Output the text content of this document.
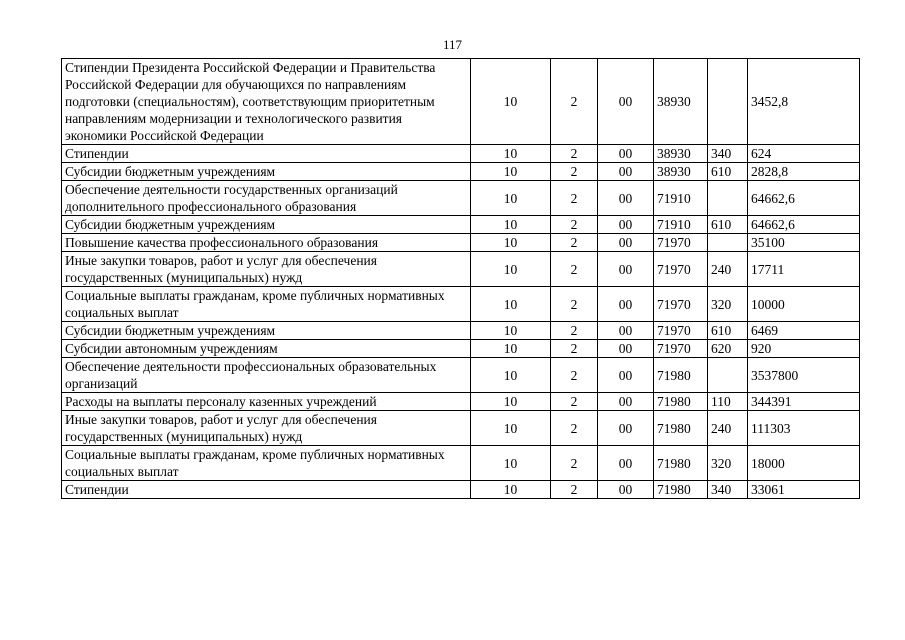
117
Стипендии Президента Российской Федерации и Правительства Российской Федерации для обучающихся по направлениям подготовки (специальностям), соответствующим приоритетным направлениям модернизации и технологического развития экономики Российской Федерации	10	2	00	38930		3452,8
Стипендии	10	2	00	38930	340	624
Субсидии бюджетным учреждениям	10	2	00	38930	610	2828,8
Обеспечение деятельности государственных организаций дополнительного профессионального образования	10	2	00	71910		64662,6
Субсидии бюджетным учреждениям	10	2	00	71910	610	64662,6
Повышение качества профессионального образования	10	2	00	71970		35100
Иные закупки товаров, работ и услуг для обеспечения государственных (муниципальных) нужд	10	2	00	71970	240	17711
Социальные выплаты гражданам, кроме публичных нормативных социальных выплат	10	2	00	71970	320	10000
Субсидии бюджетным учреждениям	10	2	00	71970	610	6469
Субсидии автономным учреждениям	10	2	00	71970	620	920
Обеспечение деятельности профессиональных образовательных организаций	10	2	00	71980		3537800
Расходы на выплаты персоналу казенных учреждений	10	2	00	71980	110	344391
Иные закупки товаров, работ и услуг для обеспечения государственных (муниципальных) нужд	10	2	00	71980	240	111303
Социальные выплаты гражданам, кроме публичных нормативных социальных выплат	10	2	00	71980	320	18000
Стипендии	10	2	00	71980	340	33061
